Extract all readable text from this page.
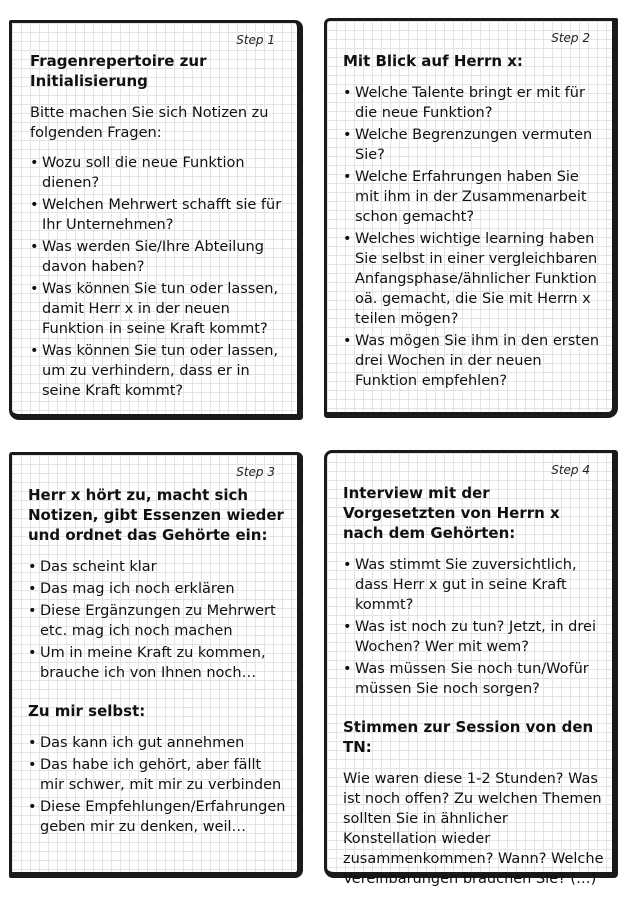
Step 1
Fragenrepertoire zur Initialisierung

Bitte machen Sie sich Notizen zu folgenden Fragen:

• Wozu soll die neue Funktion dienen?
• Welchen Mehrwert schafft sie für Ihr Unternehmen?
• Was werden Sie/Ihre Abteilung davon haben?
• Was können Sie tun oder lassen, damit Herr x in der neuen Funktion in seine Kraft kommt?
• Was können Sie tun oder lassen, um zu verhindern, dass er in seine Kraft kommt?
Step 2
Mit Blick auf Herrn x:
• Welche Talente bringt er mit für die neue Funktion?
• Welche Begrenzungen vermuten Sie?
• Welche Erfahrungen haben Sie mit ihm in der Zusammenarbeit schon gemacht?
• Welches wichtige learning haben Sie selbst in einer vergleichbaren Anfangsphase/ähnlicher Funktion oä. gemacht, die Sie mit Herrn x teilen mögen?
• Was mögen Sie ihm in den ersten drei Wochen in der neuen Funktion empfehlen?
Step 3
Herr x hört zu, macht sich Notizen, gibt Essenzen wieder und ordnet das Gehörte ein:
• Das scheint klar
• Das mag ich noch erklären
• Diese Ergänzungen zu Mehrwert etc. mag ich noch machen
• Um in meine Kraft zu kommen, brauche ich von Ihnen noch…
Zu mir selbst:
• Das kann ich gut annehmen
• Das habe ich gehört, aber fällt mir schwer, mit mir zu verbinden
• Diese Empfehlungen/Erfahrungen geben mir zu denken, weil…
Step 4
Interview mit der Vorgesetzten von Herrn x nach dem Gehörten:
• Was stimmt Sie zuversichtlich, dass Herr x gut in seine Kraft kommt?
• Was ist noch zu tun? Jetzt, in drei Wochen? Wer mit wem?
• Was müssen Sie noch tun/Wofür müssen Sie noch sorgen?
Stimmen zur Session von den TN:

Wie waren diese 1-2 Stunden? Was ist noch offen? Zu welchen Themen sollten Sie in ähnlicher Konstellation wieder zusammenkommen? Wann? Welche Vereinbarungen brauchen Sie? (…)
